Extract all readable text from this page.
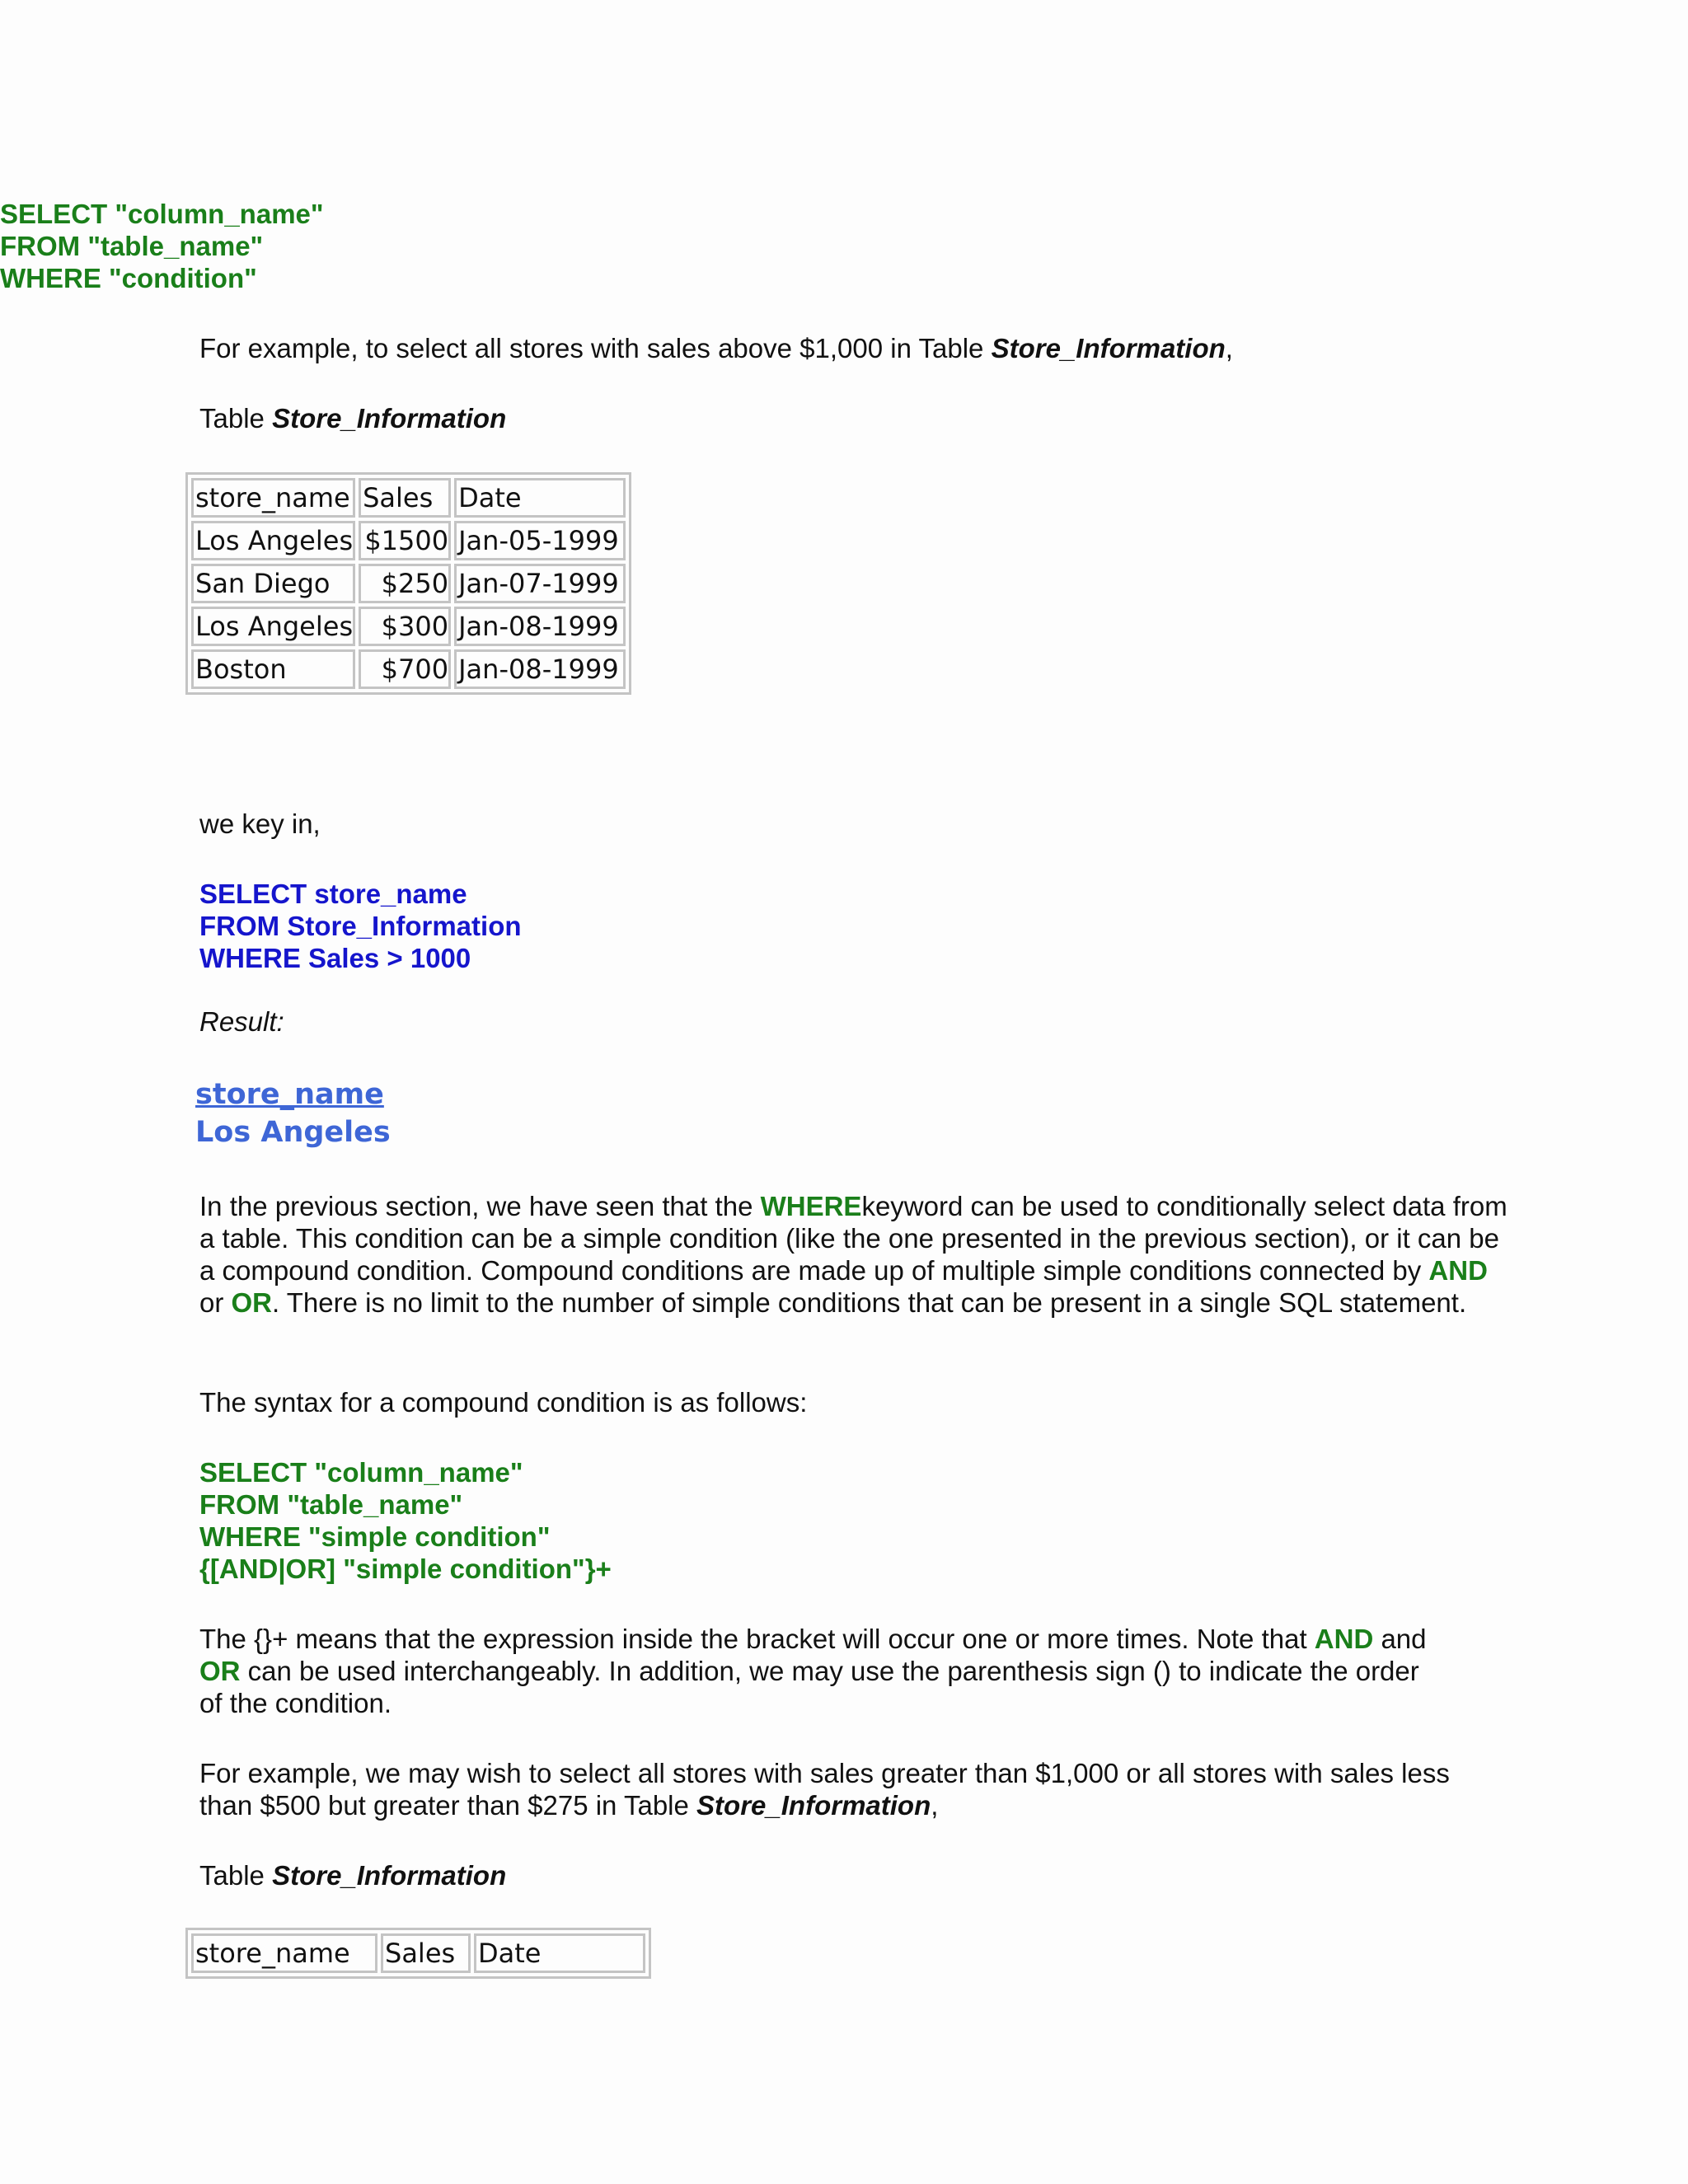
SELECT "column_name"
FROM "table_name"
WHERE "condition"

For example, to select all stores with sales above $1,000 in Table Store_Information,

Table Store_Information

store_name	Sales	Date
Los Angeles	$1500	Jan-05-1999
San Diego	$250	Jan-07-1999
Los Angeles	$300	Jan-08-1999
Boston	$700	Jan-08-1999

we key in,

SELECT store_name
FROM Store_Information
WHERE Sales > 1000
Result:
store_name
Los Angeles

In the previous section, we have seen that the WHEREkeyword can be used to conditionally select data from a table. This condition can be a simple condition (like the one presented in the previous section), or it can be a compound condition. Compound conditions are made up of multiple simple conditions connected by AND or OR. There is no limit to the number of simple conditions that can be present in a single SQL statement.

The syntax for a compound condition is as follows:

SELECT "column_name"
FROM "table_name"
WHERE "simple condition"
{[AND|OR] "simple condition"}+

The {}+ means that the expression inside the bracket will occur one or more times. Note that AND and OR can be used interchangeably. In addition, we may use the parenthesis sign () to indicate the order of the condition.

For example, we may wish to select all stores with sales greater than $1,000 or all stores with sales less than $500 but greater than $275 in Table Store_Information,

Table Store_Information

store_name	Sales	Date
